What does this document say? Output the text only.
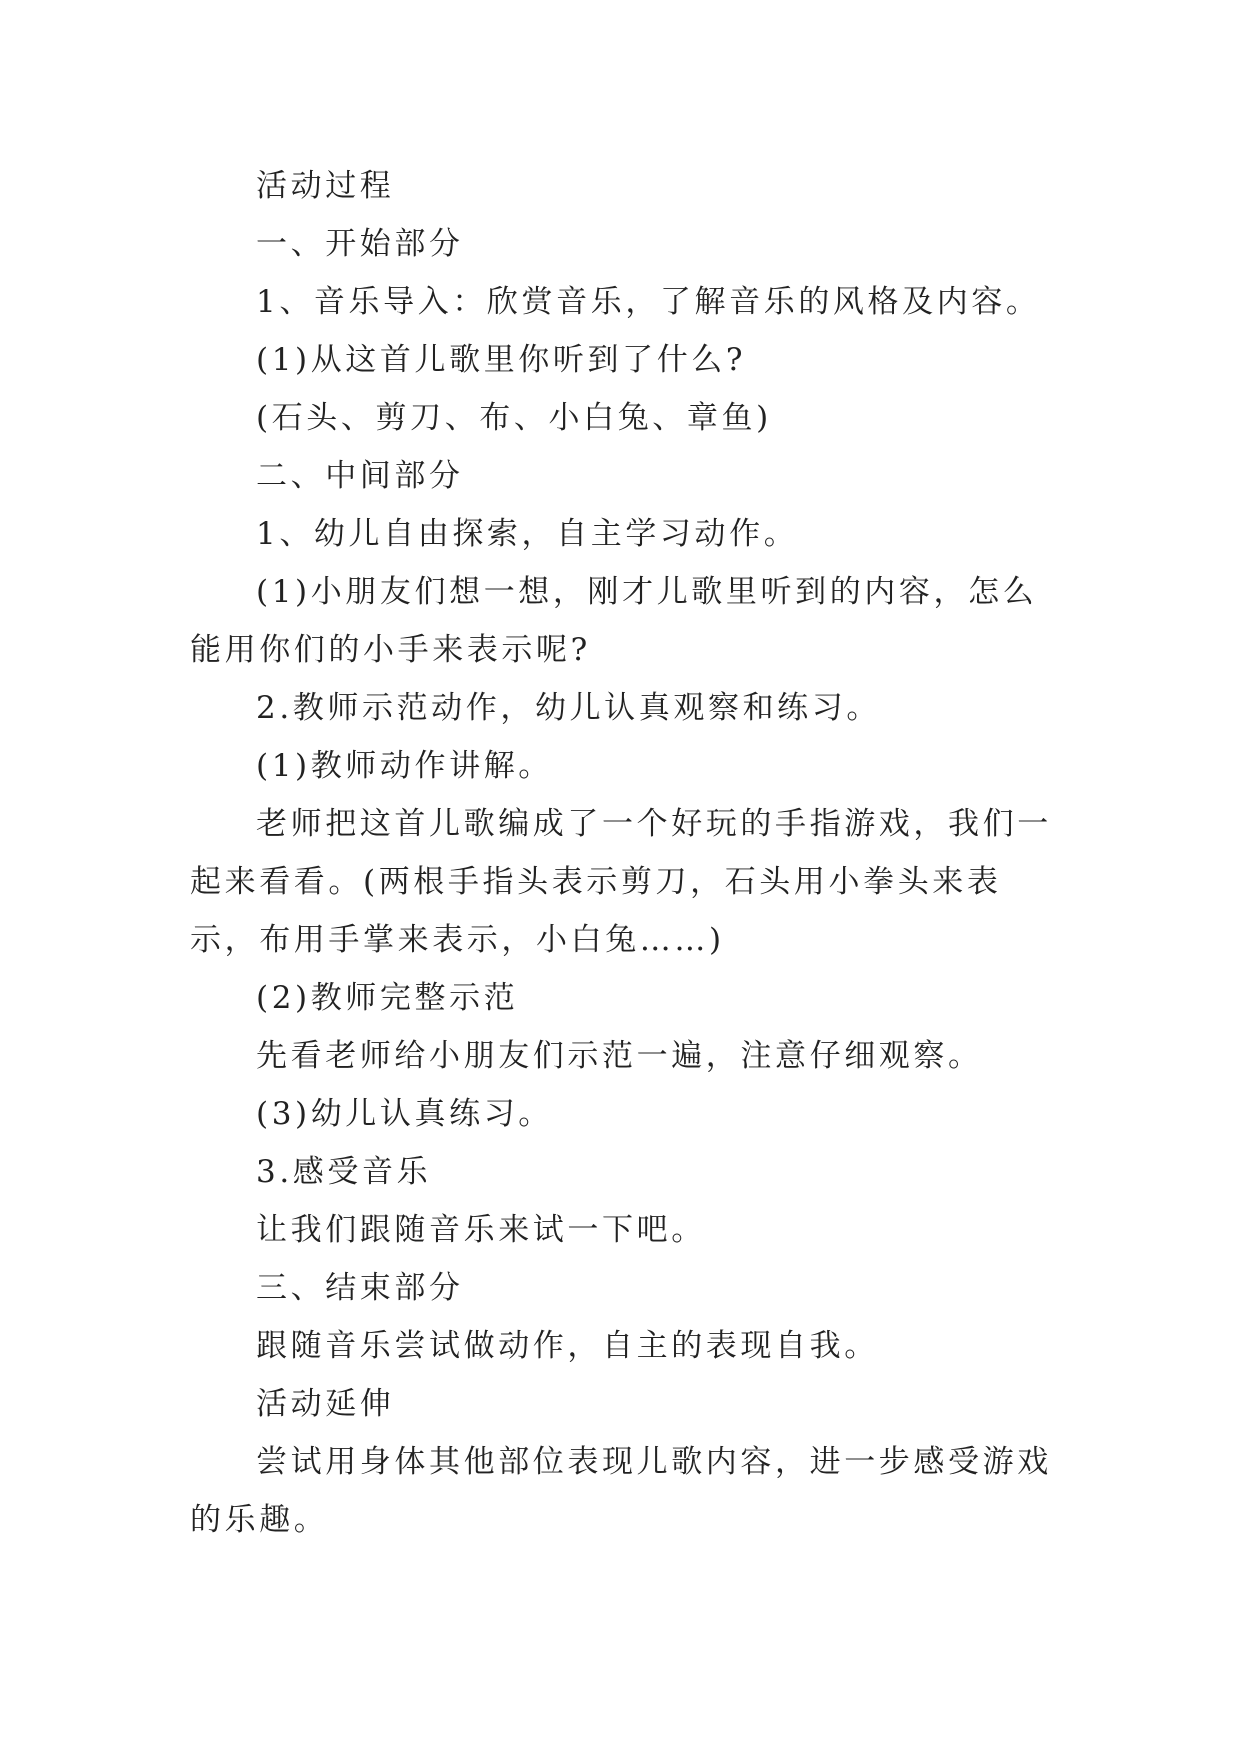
活动过程

一、开始部分

1、音乐导入：欣赏音乐，了解音乐的风格及内容。

(1)从这首儿歌里你听到了什么?

(石头、剪刀、布、小白兔、章鱼)

二、中间部分

1、幼儿自由探索，自主学习动作。

(1)小朋友们想一想，刚才儿歌里听到的内容，怎么能用你们的小手来表示呢?

2.教师示范动作，幼儿认真观察和练习。

(1)教师动作讲解。

老师把这首儿歌编成了一个好玩的手指游戏，我们一起来看看。(两根手指头表示剪刀，石头用小拳头来表示，布用手掌来表示，小白兔……)

(2)教师完整示范

先看老师给小朋友们示范一遍，注意仔细观察。

(3)幼儿认真练习。

3.感受音乐

让我们跟随音乐来试一下吧。

三、结束部分

跟随音乐尝试做动作，自主的表现自我。

活动延伸

尝试用身体其他部位表现儿歌内容，进一步感受游戏的乐趣。
